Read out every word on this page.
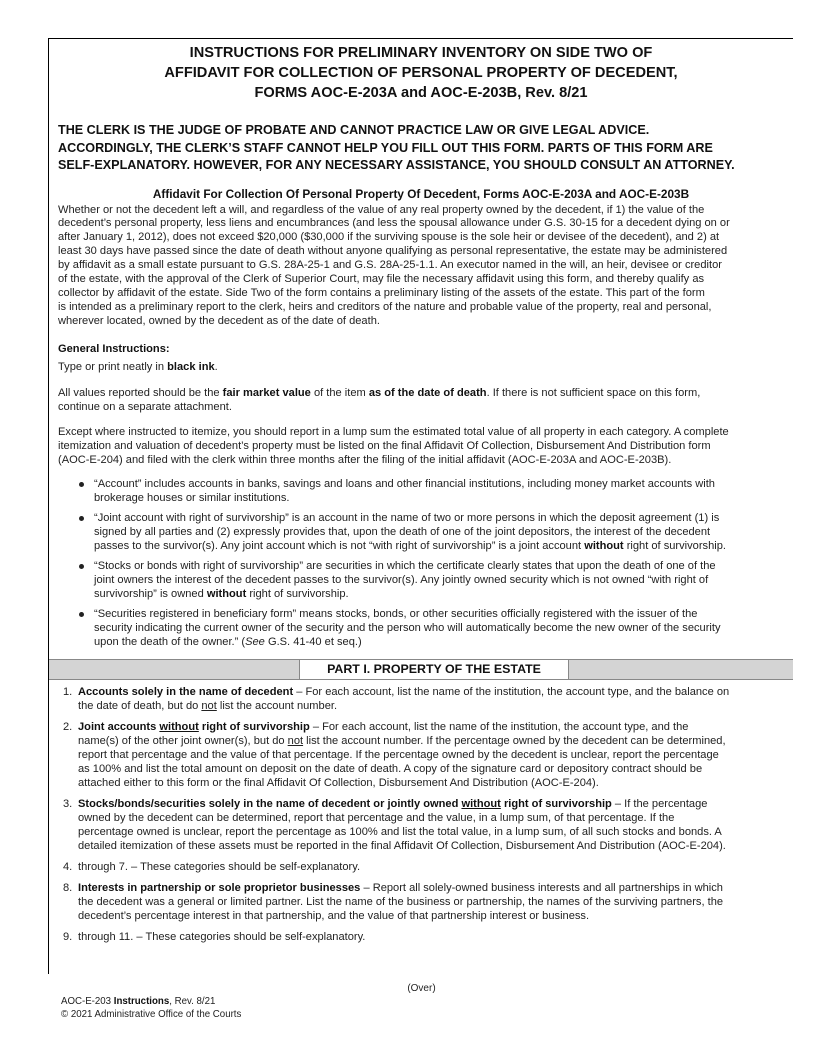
INSTRUCTIONS FOR PRELIMINARY INVENTORY ON SIDE TWO OF
AFFIDAVIT FOR COLLECTION OF PERSONAL PROPERTY OF DECEDENT,
FORMS AOC-E-203A and AOC-E-203B, Rev. 8/21
THE CLERK IS THE JUDGE OF PROBATE AND CANNOT PRACTICE LAW OR GIVE LEGAL ADVICE.
ACCORDINGLY, THE CLERK’S STAFF CANNOT HELP YOU FILL OUT THIS FORM. PARTS OF THIS FORM ARE
SELF-EXPLANATORY. HOWEVER, FOR ANY NECESSARY ASSISTANCE, YOU SHOULD CONSULT AN ATTORNEY.
Affidavit For Collection Of Personal Property Of Decedent, Forms AOC-E-203A and AOC-E-203B
Whether or not the decedent left a will, and regardless of the value of any real property owned by the decedent, if 1) the value of the
decedent’s personal property, less liens and encumbrances (and less the spousal allowance under G.S. 30-15 for a decedent dying on or
after January 1, 2012), does not exceed $20,000 ($30,000 if the surviving spouse is the sole heir or devisee of the decedent), and 2) at
least 30 days have passed since the date of death without anyone qualifying as personal representative, the estate may be administered
by affidavit as a small estate pursuant to G.S. 28A-25-1 and G.S. 28A-25-1.1. An executor named in the will, an heir, devisee or creditor
of the estate, with the approval of the Clerk of Superior Court, may file the necessary affidavit using this form, and thereby qualify as
collector by affidavit of the estate. Side Two of the form contains a preliminary listing of the assets of the estate. This part of the form
is intended as a preliminary report to the clerk, heirs and creditors of the nature and probable value of the property, real and personal,
wherever located, owned by the decedent as of the date of death.
General Instructions:
Type or print neatly in black ink.
All values reported should be the fair market value of the item as of the date of death. If there is not sufficient space on this form,
continue on a separate attachment.
Except where instructed to itemize, you should report in a lump sum the estimated total value of all property in each category. A complete
itemization and valuation of decedent’s property must be listed on the final Affidavit Of Collection, Disbursement And Distribution form
(AOC-E-204) and filed with the clerk within three months after the filing of the initial affidavit (AOC-E-203A and AOC-E-203B).
“Account” includes accounts in banks, savings and loans and other financial institutions, including money market accounts with
brokerage houses or similar institutions.
“Joint account with right of survivorship” is an account in the name of two or more persons in which the deposit agreement (1) is
signed by all parties and (2) expressly provides that, upon the death of one of the joint depositors, the interest of the decedent
passes to the survivor(s). Any joint account which is not “with right of survivorship” is a joint account without right of survivorship.
“Stocks or bonds with right of survivorship” are securities in which the certificate clearly states that upon the death of one of the
joint owners the interest of the decedent passes to the survivor(s). Any jointly owned security which is not owned “with right of
survivorship” is owned without right of survivorship.
“Securities registered in beneficiary form” means stocks, bonds, or other securities officially registered with the issuer of the
security indicating the current owner of the security and the person who will automatically become the new owner of the security
upon the death of the owner.” (See G.S. 41-40 et seq.)
PART I. PROPERTY OF THE ESTATE
1. Accounts solely in the name of decedent – For each account, list the name of the institution, the account type, and the balance on
the date of death, but do not list the account number.
2. Joint accounts without right of survivorship – For each account, list the name of the institution, the account type, and the
name(s) of the other joint owner(s), but do not list the account number. If the percentage owned by the decedent can be determined,
report that percentage and the value of that percentage. If the percentage owned by the decedent is unclear, report the percentage
as 100% and list the total amount on deposit on the date of death. A copy of the signature card or depository contract should be
attached either to this form or the final Affidavit Of Collection, Disbursement And Distribution (AOC-E-204).
3. Stocks/bonds/securities solely in the name of decedent or jointly owned without right of survivorship – If the percentage
owned by the decedent can be determined, report that percentage and the value, in a lump sum, of that percentage. If the
percentage owned is unclear, report the percentage as 100% and list the total value, in a lump sum, of all such stocks and bonds. A
detailed itemization of these assets must be reported in the final Affidavit Of Collection, Disbursement And Distribution (AOC-E-204).
4. through 7. – These categories should be self-explanatory.
8. Interests in partnership or sole proprietor businesses – Report all solely-owned business interests and all partnerships in which
the decedent was a general or limited partner. List the name of the business or partnership, the names of the surviving partners, the
decedent’s percentage interest in that partnership, and the value of that partnership interest or business.
9. through 11. – These categories should be self-explanatory.
(Over)
AOC-E-203 Instructions, Rev. 8/21
© 2021 Administrative Office of the Courts
